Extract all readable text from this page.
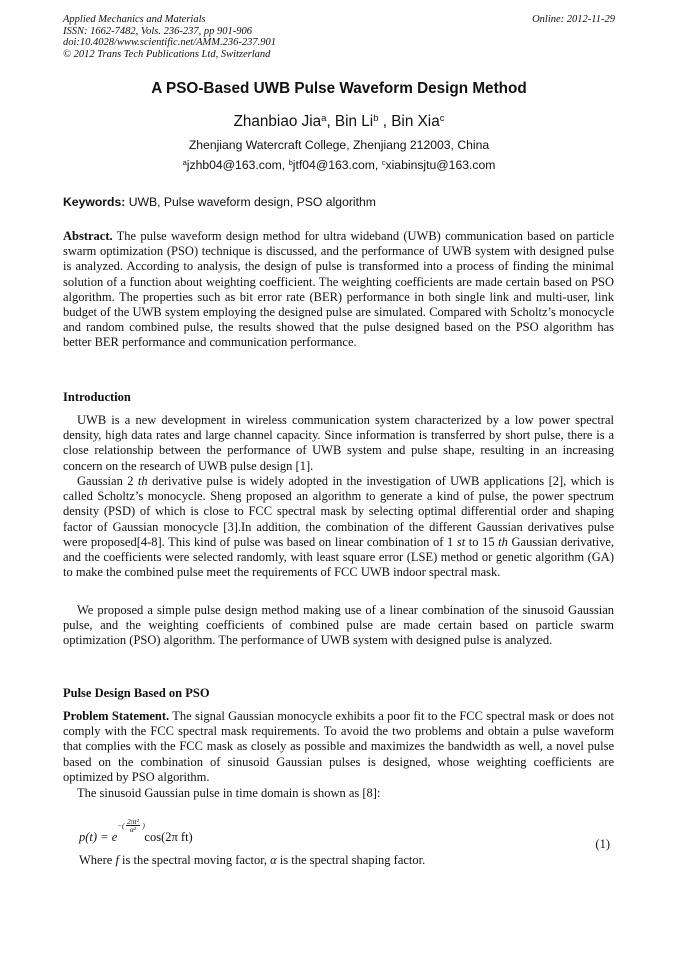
Applied Mechanics and Materials
ISSN: 1662-7482, Vols. 236-237, pp 901-906
doi:10.4028/www.scientific.net/AMM.236-237.901
© 2012 Trans Tech Publications Ltd, Switzerland
Online: 2012-11-29
A PSO-Based UWB Pulse Waveform Design Method
Zhanbiao Jia$^a$, Bin Li$^b$ , Bin Xia$^c$
Zhenjiang Watercraft College, Zhenjiang 212003, China
$^a$jzhb04@163.com, $^b$jtf04@163.com, $^c$xiabinsjtu@163.com
Keywords: UWB, Pulse waveform design, PSO algorithm
Abstract. The pulse waveform design method for ultra wideband (UWB) communication based on particle swarm optimization (PSO) technique is discussed, and the performance of UWB system with designed pulse is analyzed. According to analysis, the design of pulse is transformed into a process of finding the minimal solution of a function about weighting coefficient. The weighting coefficients are made certain based on PSO algorithm. The properties such as bit error rate (BER) performance in both single link and multi-user, link budget of the UWB system employing the designed pulse are simulated. Compared with Scholtz’s monocycle and random combined pulse, the results showed that the pulse designed based on the PSO algorithm has better BER performance and communication performance.
Introduction
UWB is a new development in wireless communication system characterized by a low power spectral density, high data rates and large channel capacity. Since information is transferred by short pulse, there is a close relationship between the performance of UWB system and pulse shape, resulting in an increasing concern on the research of UWB pulse design [1].
Gaussian 2 th derivative pulse is widely adopted in the investigation of UWB applications [2], which is called Scholtz’s monocycle. Sheng proposed an algorithm to generate a kind of pulse, the power spectrum density (PSD) of which is close to FCC spectral mask by selecting optimal differential order and shaping factor of Gaussian monocycle [3].In addition, the combination of the different Gaussian derivatives pulse were proposed[4-8]. This kind of pulse was based on linear combination of 1 st to 15 th Gaussian derivative, and the coefficients were selected randomly, with least square error (LSE) method or genetic algorithm (GA) to make the combined pulse meet the requirements of FCC UWB indoor spectral mask.
We proposed a simple pulse design method making use of a linear combination of the sinusoid Gaussian pulse, and the weighting coefficients of combined pulse are made certain based on particle swarm optimization (PSO) algorithm. The performance of UWB system with designed pulse is analyzed.
Pulse Design Based on PSO
Problem Statement. The signal Gaussian monocycle exhibits a poor fit to the FCC spectral mask or does not comply with the FCC spectral mask requirements. To avoid the two problems and obtain a pulse waveform that complies with the FCC mask as closely as possible and maximizes the bandwidth as well, a novel pulse based on the combination of sinusoid Gaussian pulses is designed, whose weighting coefficients are optimized by PSO algorithm.
The sinusoid Gaussian pulse in time domain is shown as [8]:
−( 2πt²
α² )
p(t) = e cos(2π ft)	(1)
Where f is the spectral moving factor, α is the spectral shaping factor.
